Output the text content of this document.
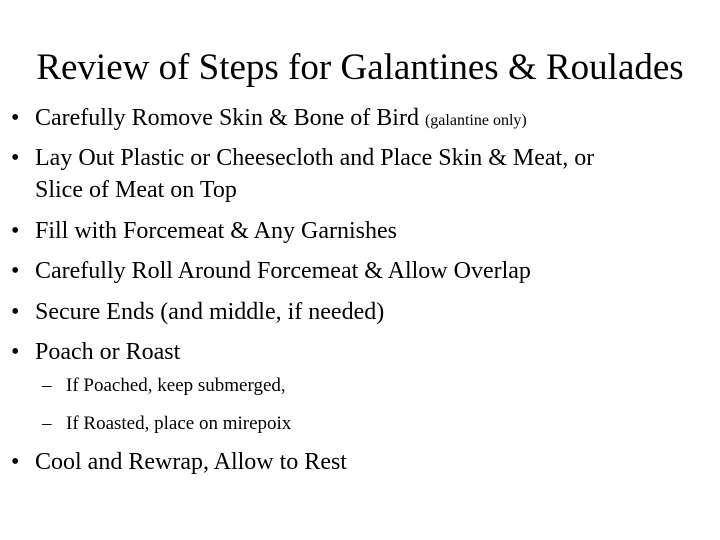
Review of Steps for Galantines & Roulades
• Carefully Romove Skin & Bone of Bird (galantine only)
• Lay Out Plastic or Cheesecloth and Place Skin & Meat, or
Slice of Meat on Top
• Fill with Forcemeat & Any Garnishes
• Carefully Roll Around Forcemeat & Allow Overlap
• Secure Ends (and middle, if needed)
• Poach or Roast
– If Poached, keep submerged,
– If Roasted, place on mirepoix
• Cool and Rewrap, Allow to Rest
